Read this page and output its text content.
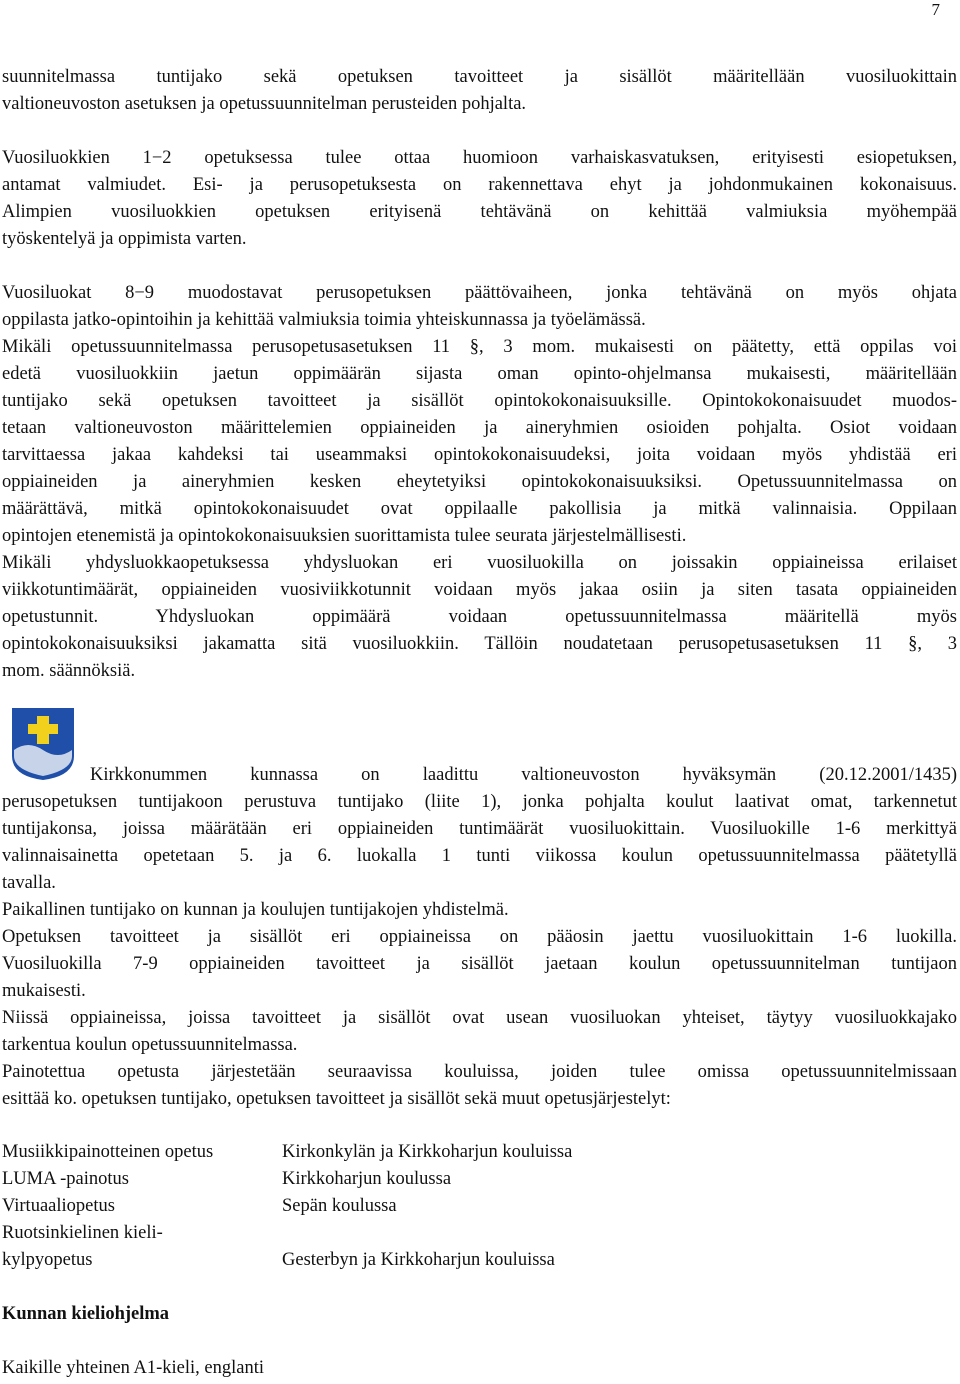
7
suunnitelmassa tuntijako sekä opetuksen tavoitteet ja sisällöt määritellään vuosiluokittain
valtioneuvoston asetuksen ja opetussuunnitelman perusteiden pohjalta.
Vuosiluokkien 1−2 opetuksessa tulee ottaa huomioon varhaiskasvatuksen, erityisesti esiopetuksen,
antamat valmiudet. Esi- ja perusopetuksesta on rakennettava ehyt ja johdonmukainen kokonaisuus.
Alimpien vuosiluokkien opetuksen erityisenä tehtävänä on kehittää valmiuksia myöhempää
työskentelyä ja oppimista varten.
Vuosiluokat 8−9 muodostavat perusopetuksen päättövaiheen, jonka tehtävänä on myös ohjata
oppilasta jatko-opintoihin ja kehittää valmiuksia toimia yhteiskunnassa ja työelämässä.
Mikäli opetussuunnitelmassa perusopetusasetuksen 11 §, 3 mom. mukaisesti on päätetty, että oppilas voi
edetä vuosiluokkiin jaetun oppimäärän sijasta oman opinto-ohjelmansa mukaisesti, määritellään
tuntijako sekä opetuksen tavoitteet ja sisällöt opintokokonaisuuksille. Opintokokonaisuudet muodos-
tetaan valtioneuvoston määrittelemien oppiaineiden ja aineryhmien osioiden pohjalta. Osiot voidaan
tarvittaessa jakaa kahdeksi tai useammaksi opintokokonaisuudeksi, joita voidaan myös yhdistää eri
oppiaineiden ja aineryhmien kesken eheytetyiksi opintokokonaisuuksiksi. Opetussuunnitelmassa on
määrättävä, mitkä opintokokonaisuudet ovat oppilaalle pakollisia ja mitkä valinnaisia. Oppilaan
opintojen etenemistä ja opintokokonaisuuksien suorittamista tulee seurata järjestelmällisesti.
Mikäli yhdysluokkaopetuksessa yhdysluokan eri vuosiluokilla on joissakin oppiaineissa erilaiset
viikkotuntimäärät, oppiaineiden vuosiviikkotunnit voidaan myös jakaa osiin ja siten tasata oppiaineiden
opetustunnit. Yhdysluokan oppimäärä voidaan opetussuunnitelmassa määritellä myös
opintokokonaisuuksiksi jakamatta sitä vuosiluokkiin. Tällöin noudatetaan perusopetusasetuksen 11 §, 3
mom. säännöksiä.
Kirkkonummen kunnassa on laadittu valtioneuvoston hyväksymän (20.12.2001/1435)
perusopetuksen tuntijakoon perustuva tuntijako (liite 1), jonka pohjalta koulut laativat omat, tarkennetut
tuntijakonsa, joissa määrätään eri oppiaineiden tuntimäärät vuosiluokittain. Vuosiluokille 1-6 merkittyä
valinnaisainetta opetetaan 5. ja 6. luokalla 1 tunti viikossa koulun opetussuunnitelmassa päätetyllä
tavalla.
Paikallinen tuntijako on kunnan ja koulujen tuntijakojen yhdistelmä.
Opetuksen tavoitteet ja sisällöt eri oppiaineissa on pääosin jaettu vuosiluokittain 1-6 luokilla.
Vuosiluokilla 7-9 oppiaineiden tavoitteet ja sisällöt jaetaan koulun opetussuunnitelman tuntijaon
mukaisesti.
Niissä oppiaineissa, joissa tavoitteet ja sisällöt ovat usean vuosiluokan yhteiset, täytyy vuosiluokkajako
tarkentua koulun opetussuunnitelmassa.
Painotettua opetusta järjestetään seuraavissa kouluissa, joiden tulee omissa opetussuunnitelmissaan
esittää ko. opetuksen tuntijako, opetuksen tavoitteet ja sisällöt sekä muut opetusjärjestelyt:
Musiikkipainotteinen opetus	Kirkonkylän ja Kirkkoharjun kouluissa
LUMA -painotus	Kirkkoharjun koulussa
Virtuaaliopetus	Sepän koulussa
Ruotsinkielinen kieli-
kylpyopetus	Gesterbyn ja Kirkkoharjun kouluissa
Kunnan kieliohjelma
Kaikille yhteinen A1-kieli, englanti
